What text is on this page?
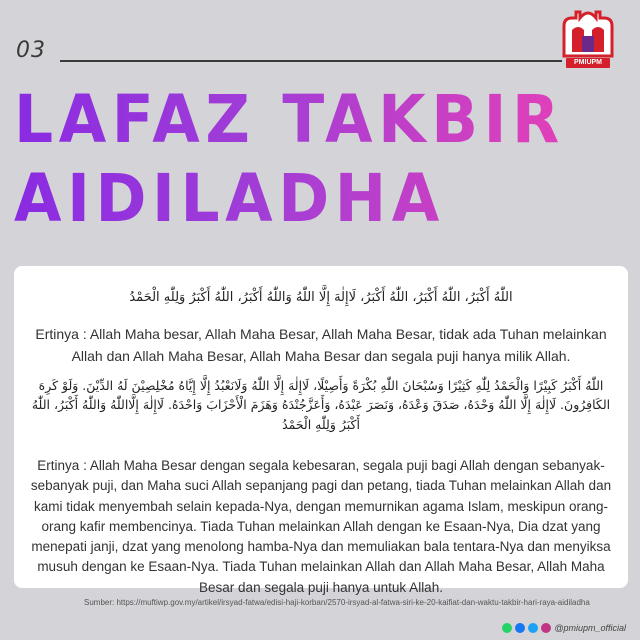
03	PMIUPM
LAFAZ TAKBIR
AIDILADHA
اللّٰهُ أَكْبَرُ، اللّٰهُ أَكْبَرُ، اللّٰهُ أَكْبَرُ، لَاإِلٰهَ إِلَّا اللّٰهُ وَاللّٰهُ أَكْبَرُ، اللّٰهُ أَكْبَرُ وَلِلّٰهِ الْحَمْدُ
Ertinya : Allah Maha besar, Allah Maha Besar, Allah Maha Besar, tidak ada Tuhan melainkan Allah dan Allah Maha Besar, Allah Maha Besar dan segala puji hanya milik Allah.
اللّٰهُ أَكْبَرُ كَبِيْرًا وَالْحَمْدُ لِلّٰهِ كَثِيْرًا وَسُبْحَانَ اللّٰهِ بُكْرَةً وَأَصِيْلًا، لَاإِلٰهَ إِلَّا اللّٰهُ وَلَانَعْبُدُ إِلَّا إِيَّاهُ مُخْلِصِيْنَ لَهُ الدِّيْنَ. وَلَوْ كَرِهَ الكَافِرُونَ. لَاإِلٰهَ إِلَّا اللّٰهُ وَحْدَهُ، صَدَقَ وَعْدَهُ، وَنَصَرَ عَبْدَهُ، وَأَعَزَّجُنْدَهُ وَهَزَمَ الْأَحْزَابَ وَاحْدَهُ. لَاإِلٰهَ إِلَّااللّٰهُ وَاللّٰهُ أَكْبَرُ، اللّٰهُ أَكْبَرُ وَلِلّٰهِ الْحَمْدُ
Ertinya : Allah Maha Besar dengan segala kebesaran, segala puji bagi Allah dengan sebanyak-sebanyak puji, dan Maha suci Allah sepanjang pagi dan petang, tiada Tuhan melainkan Allah dan kami tidak menyembah selain kepada-Nya, dengan memurnikan agama Islam, meskipun orang-orang kafir membencinya. Tiada Tuhan melainkan Allah dengan ke Esaan-Nya, Dia dzat yang menepati janji, dzat yang menolong hamba-Nya dan memuliakan bala tentara-Nya dan menyiksa musuh dengan ke Esaan-Nya. Tiada Tuhan melainkan Allah dan Allah Maha Besar, Allah Maha Besar dan segala puji hanya untuk Allah.
Sumber: https://muftiwp.gov.my/artikel/irsyad-fatwa/edisi-haji-korban/2570-irsyad-al-fatwa-siri-ke-20-kaifiat-dan-waktu-takbir-hari-raya-aidiladha
@pmiupm_official
